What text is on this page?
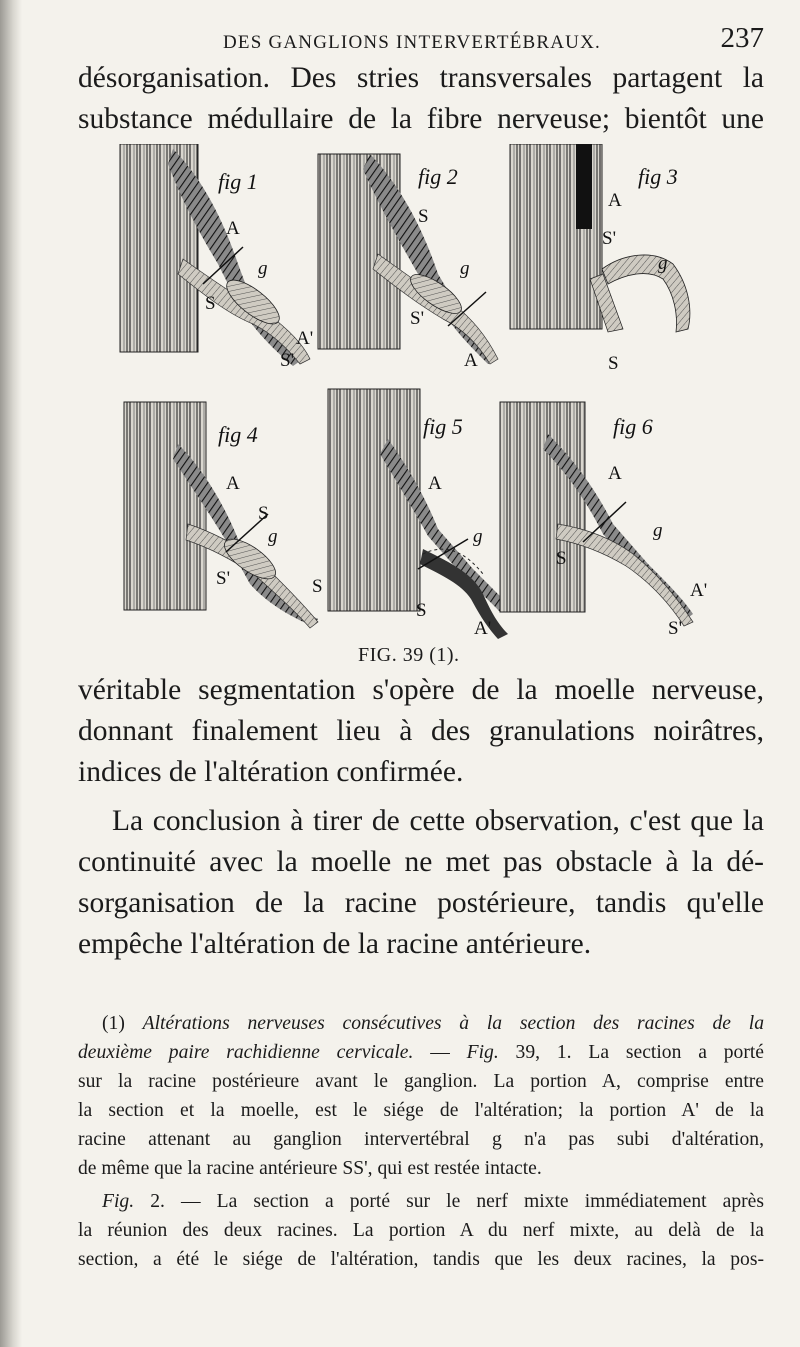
DES GANGLIONS INTERVERTÉBRAUX.	237

désorganisation. Des stries transversales partagent la

substance médullaire de la fibre nerveuse; bientôt une

fig 1	fig 2	fig 3
fig 4	fig 5	fig 6
A
g
S
A'
S'
S
g
S'
A
A
S'
g
S
A
S
g
S'	S
A
g
S
A'
A
g
S
A'
S'
FIG. 39 (1).

véritable segmentation s'opère de la moelle nerveuse,

donnant finalement lieu à des granulations noirâtres,

indices de l'altération confirmée.

La conclusion à tirer de cette observation, c'est que la

continuité avec la moelle ne met pas obstacle à la dé-

sorganisation de la racine postérieure, tandis qu'elle

empêche l'altération de la racine antérieure.

(1) Altérations nerveuses consécutives à la section des racines de la

deuxième paire rachidienne cervicale. — Fig. 39, 1. La section a porté

sur la racine postérieure avant le ganglion. La portion A, comprise entre

la section et la moelle, est le siége de l'altération; la portion A' de la

racine attenant au ganglion intervertébral g n'a pas subi d'altération,

de même que la racine antérieure SS', qui est restée intacte.

Fig. 2. — La section a porté sur le nerf mixte immédiatement après

la réunion des deux racines. La portion A du nerf mixte, au delà de la

section, a été le siége de l'altération, tandis que les deux racines, la pos-
